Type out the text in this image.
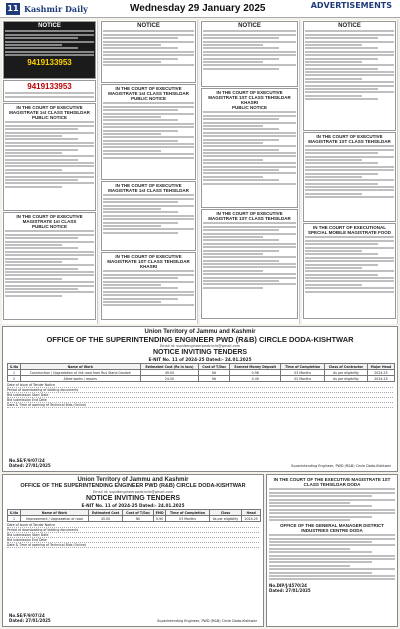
11 Kashmir Daily	Wednesday 29 January 2025	ADVERTISEMENTS
NOTICE
9419133953
9419133953
IN THE COURT OF EXECUTIVE MAGISTRATE 1st CLASS TEHSILDAR
PUBLIC NOTICE
IN THE COURT OF EXECUTIVE MAGISTRATE 1st CLASS
PUBLIC NOTICE
NOTICE
IN THE COURT OF EXECUTIVE MAGISTRATE 1st CLASS TEHSILDAR
PUBLIC NOTICE
IN THE COURT OF EXECUTIVE MAGISTRATE 1st CLASS TEHSILDAR
IN THE COURT OF EXECUTIVE MAGISTRATE 1ST CLASS TEHSILDAR KHASRI
NOTICE
IN THE COURT OF EXECUTIVE MAGISTRATE 1ST CLASS TEHSILDAR KHASRI
PUBLIC NOTICE
IN THE COURT OF EXECUTIVE MAGISTRATE 1ST CLASS TEHSILDAR
NOTICE
IN THE COURT OF EXECUTIVE MAGISTRATE 1ST CLASS TEHSILDAR
IN THE COURT OF EXECUTIONAL SPECIAL MOBILE MAGISTRATE FOOD
Union Territory of Jammu and Kashmir
OFFICE OF THE SUPERINTENDING ENGINEER PWD (R&B) CIRCLE DODA-KISHTWAR
Email id: supdtengineerpwdcircle@gmail.com
NOTICE INVITING TENDERS
E-NIT No. 11 of 2024-25 Dated:- 24.01.2025
S.No	Name of Work	Estimated Cost (Rs in lacs)	Cost of T/Doc	Earnest Money Deposit	Time of Completion	Class of Contractor	Major Head
1	Construction / Upgradation of link road from Bus Stand Gandoh	49.00	Nil	0.98	03 Months	As per eligibility	2024-25
2	Allied works / repairs	24.50	Nil	0.49	02 Months	As per eligibility	2024-25
Date of Issue of Tender Notice
Period of downloading of bidding documents
Bid submission Start Date
Bid submission End Date
Date & Time of opening of Technical Bids (Online)
No.SE/F/9/07/24
Dated: 27/01/2025	Superintending Engineer, PWD (R&B) Circle Doda-Kishtwar
Union Territory of Jammu and Kashmir
OFFICE OF THE SUPERINTENDING ENGINEER PWD (R&B) CIRCLE DODA-KISHTWAR
Email id: supdtengineerpwdcircle@gmail.com
NOTICE INVITING TENDERS
E-NIT No. 11 of 2024-25 Dated:- 24.01.2025
S.No	Name of Work	Estimated Cost	Cost of T/Doc	EMD	Time of Completion	Class	Head
1	Improvement / Upgradation of road	45.00	Nil	0.90	03 Months	As per eligibility	2024-25
Date of Issue of Tender Notice
Period of downloading of bidding documents
Bid submission Start Date
Bid submission End Date
Date & Time of opening of Technical Bids (Online)
No.SE/F/9/07/24
Dated: 27/01/2025	Superintending Engineer, PWD (R&B) Circle Doda-Kishtwar
IN THE COURT OF THE EXECUTIVE MAGISTRATE 1ST CLASS TEHSILDAR DODA
OFFICE OF THE GENERAL MANAGER DISTRICT INDUSTRIES CENTRE DODA
No.DIP/J/4570/24
Dated: 27/01/2025
